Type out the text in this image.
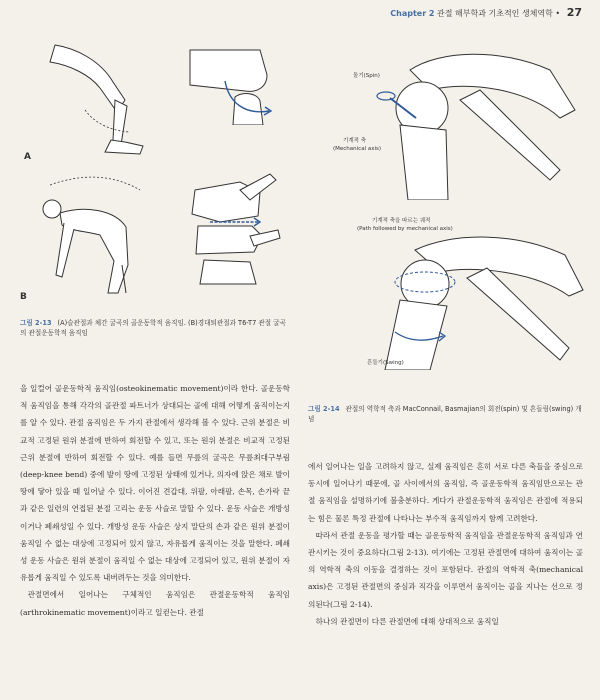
Chapter 2 관절 해부학과 기초적인 생체역학 • 27
A
B
그림 2-13 (A)슬관절과 체간 굴곡의 골운동학적 움직임. (B)경대퇴관절과 T6-T7 관절 굴곡의 관절운동학적 움직임
돌기(Spin)
기계적 축
(Mechanical axis)
기계적 축을 따르는 궤적
(Path followed by mechanical axis)
흔들기(Swing)
그림 2-14 관절의 역학적 축과 MacConnail, Basmajian의 회전(spin) 및 흔들림(swing) 개념

을 일컬어 골운동학적 움직임(osteokinematic movement)이라 한다. 골운동학적 움직임을 통해 각각의 골관절 파트너가 상대되는 골에 대해 어떻게 움직이는지를 알 수 있다. 관절 움직임은 두 가지 관절에서 생각해 볼 수 있다. 근위 분절은 비교적 고정된 원위 분절에 반하여 회전할 수 있고, 또는 원위 분절은 비교적 고정된 근위 분절에 반하여 회전할 수 있다. 예를 들면 무릎의 굴곡은 무릎최대구부림(deep-knee bend) 중에 발이 땅에 고정된 상태에 있거나, 의자에 앉은 채로 발이 땅에 닿아 있을 때 일어날 수 있다. 이어진 견갑대, 위팔, 아래팔, 손목, 손가락 끝과 같은 일련의 연접된 분절 고리는 운동 사슬로 말할 수 있다. 운동 사슬은 개방성이거나 폐쇄성일 수 있다. 개방성 운동 사슬은 상지 말단의 손과 같은 원위 분절이 움직일 수 없는 대상에 고정되어 있지 않고, 자유롭게 움직이는 것을 말한다. 폐쇄성 운동 사슬은 원위 분절이 움직일 수 없는 대상에 고정되어 있고, 원위 분절이 자유롭게 움직일 수 있도록 내버려두는 것을 의미한다.

관절면에서 일어나는 구체적인 움직임은 관절운동학적 움직임(arthrokinematic movement)이라고 일컫는다. 관절

에서 일어나는 일을 고려하지 않고, 실제 움직임은 흔히 서로 다른 축들을 중심으로 동시에 일어나기 때문에, 골 사이에서의 움직임, 즉 골운동학적 움직임만으로는 관절 움직임을 설명하기에 불충분하다. 게다가 관절운동학적 움직임은 관절에 적용되는 힘은 물론 특정 관절에 나타나는 부수적 움직임까지 함께 고려한다.

따라서 관절 운동을 평가할 때는 골운동학적 움직임을 관절운동학적 움직임과 연관시키는 것이 중요하다(그림 2-13). 여기에는 고정된 관절면에 대하여 움직이는 골의 역학적 축의 이동을 결정하는 것이 포함된다. 관절의 역학적 축(mechanical axis)은 고정된 관절면의 중심과 직각을 이루면서 움직이는 골을 지나는 선으로 정의된다(그림 2-14).

하나의 관절면이 다른 관절면에 대해 상대적으로 움직일
